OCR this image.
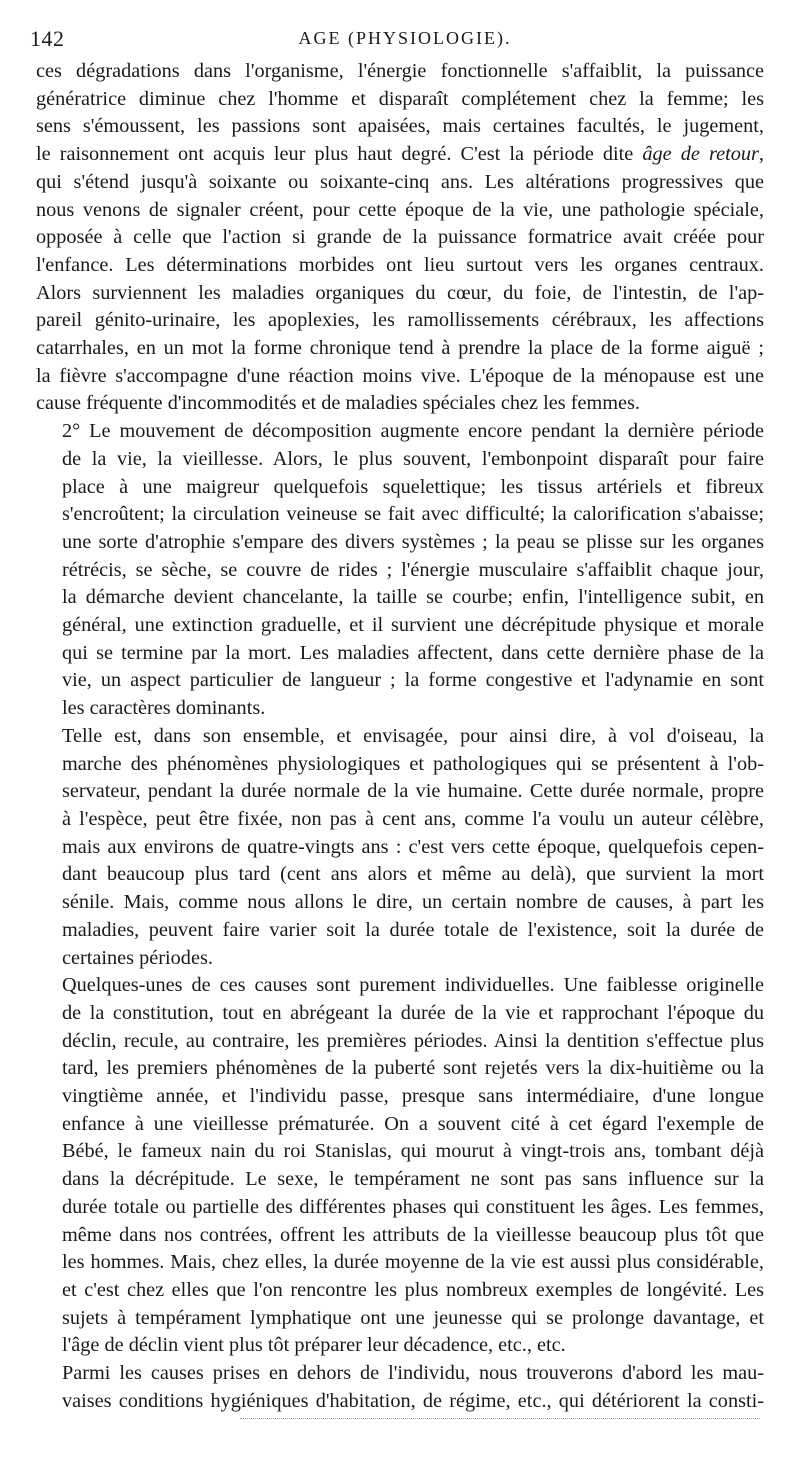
142	AGE (PHYSIOLOGIE).
ces dégradations dans l'organisme, l'énergie fonctionnelle s'affaiblit, la puissance
génératrice diminue chez l'homme et disparaît complétement chez la femme; les
sens s'émoussent, les passions sont apaisées, mais certaines facultés, le jugement,
le raisonnement ont acquis leur plus haut degré. C'est la période dite âge de retour,
qui s'étend jusqu'à soixante ou soixante-cinq ans. Les altérations progressives que
nous venons de signaler créent, pour cette époque de la vie, une pathologie spéciale,
opposée à celle que l'action si grande de la puissance formatrice avait créée pour
l'enfance. Les déterminations morbides ont lieu surtout vers les organes centraux.
Alors surviennent les maladies organiques du cœur, du foie, de l'intestin, de l'ap-
pareil génito-urinaire, les apoplexies, les ramollissements cérébraux, les affections
catarrhales, en un mot la forme chronique tend à prendre la place de la forme aiguë ;
la fièvre s'accompagne d'une réaction moins vive. L'époque de la ménopause est une
cause fréquente d'incommodités et de maladies spéciales chez les femmes.
2° Le mouvement de décomposition augmente encore pendant la dernière période
de la vie, la vieillesse. Alors, le plus souvent, l'embonpoint disparaît pour faire
place à une maigreur quelquefois squelettique; les tissus artériels et fibreux
s'encroûtent; la circulation veineuse se fait avec difficulté; la calorification s'abaisse;
une sorte d'atrophie s'empare des divers systèmes ; la peau se plisse sur les organes
rétrécis, se sèche, se couvre de rides ; l'énergie musculaire s'affaiblit chaque jour,
la démarche devient chancelante, la taille se courbe; enfin, l'intelligence subit, en
général, une extinction graduelle, et il survient une décrépitude physique et morale
qui se termine par la mort. Les maladies affectent, dans cette dernière phase de la
vie, un aspect particulier de langueur ; la forme congestive et l'adynamie en sont
les caractères dominants.
Telle est, dans son ensemble, et envisagée, pour ainsi dire, à vol d'oiseau, la
marche des phénomènes physiologiques et pathologiques qui se présentent à l'ob-
servateur, pendant la durée normale de la vie humaine. Cette durée normale, propre
à l'espèce, peut être fixée, non pas à cent ans, comme l'a voulu un auteur célèbre,
mais aux environs de quatre-vingts ans : c'est vers cette époque, quelquefois cepen-
dant beaucoup plus tard (cent ans alors et même au delà), que survient la mort
sénile. Mais, comme nous allons le dire, un certain nombre de causes, à part les
maladies, peuvent faire varier soit la durée totale de l'existence, soit la durée de
certaines périodes.
Quelques-unes de ces causes sont purement individuelles. Une faiblesse originelle
de la constitution, tout en abrégeant la durée de la vie et rapprochant l'époque du
déclin, recule, au contraire, les premières périodes. Ainsi la dentition s'effectue plus
tard, les premiers phénomènes de la puberté sont rejetés vers la dix-huitième ou la
vingtième année, et l'individu passe, presque sans intermédiaire, d'une longue
enfance à une vieillesse prématurée. On a souvent cité à cet égard l'exemple de
Bébé, le fameux nain du roi Stanislas, qui mourut à vingt-trois ans, tombant déjà
dans la décrépitude. Le sexe, le tempérament ne sont pas sans influence sur la
durée totale ou partielle des différentes phases qui constituent les âges. Les femmes,
même dans nos contrées, offrent les attributs de la vieillesse beaucoup plus tôt que
les hommes. Mais, chez elles, la durée moyenne de la vie est aussi plus considérable,
et c'est chez elles que l'on rencontre les plus nombreux exemples de longévité. Les
sujets à tempérament lymphatique ont une jeunesse qui se prolonge davantage, et
l'âge de déclin vient plus tôt préparer leur décadence, etc., etc.
Parmi les causes prises en dehors de l'individu, nous trouverons d'abord les mau-
vaises conditions hygiéniques d'habitation, de régime, etc., qui détériorent la consti-
